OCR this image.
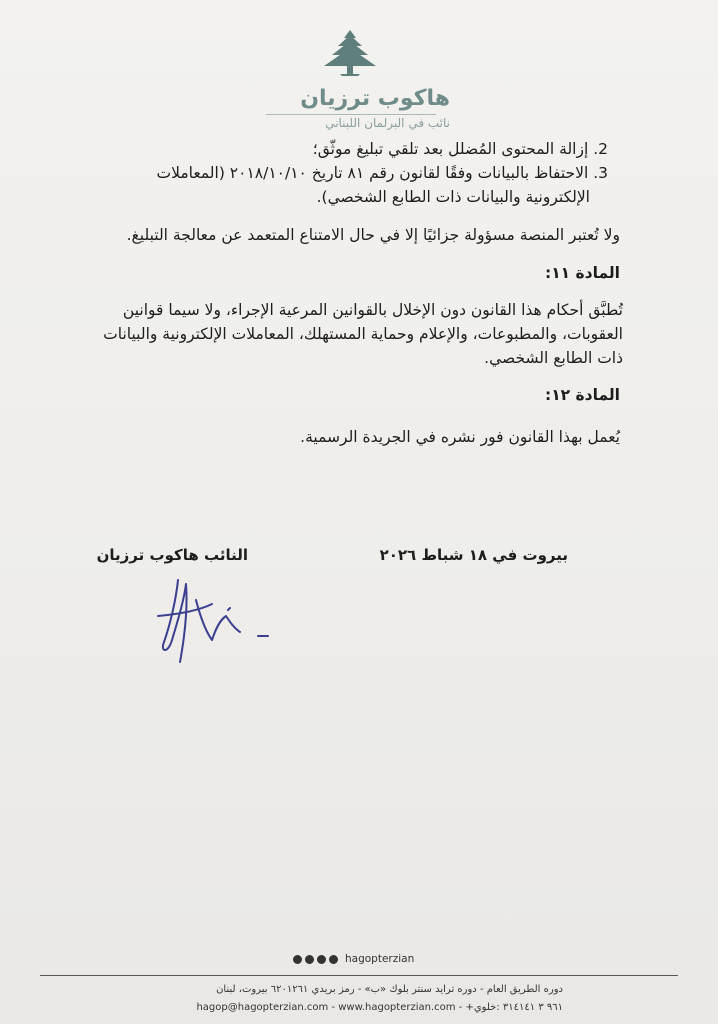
هاكوب ترزيان
نائب في البرلمان اللبناني
2. إزالة المحتوى المُضلل بعد تلقي تبليغ موثّق؛
3. الاحتفاظ بالبيانات وفقًا لقانون رقم ٨١ تاريخ ٢٠١٨/١٠/١٠ (المعاملات
الإلكترونية والبيانات ذات الطابع الشخصي).
ولا تُعتبر المنصة مسؤولة جزائيًا إلا في حال الامتناع المتعمد عن معالجة التبليغ.
المادة ١١:
تُطبَّق أحكام هذا القانون دون الإخلال بالقوانين المرعية الإجراء، ولا سيما قوانين العقوبات، والمطبوعات، والإعلام وحماية المستهلك، المعاملات الإلكترونية والبيانات ذات الطابع الشخصي.
المادة ١٢:
يُعمل بهذا القانون فور نشره في الجريدة الرسمية.
بيروت في ١٨ شباط ٢٠٢٦
النائب هاكوب ترزيان
hagopterzian
دوره الطريق العام - دوره ترايد سنتر بلوك «ب» - رمز بريدي ٦٢٠١٢٦١ بيروت، لبنان
hagop@hagopterzian.com - www.hagopterzian.com - +٩٦١ ٣ ٣١٤١٤١ :خلوي
